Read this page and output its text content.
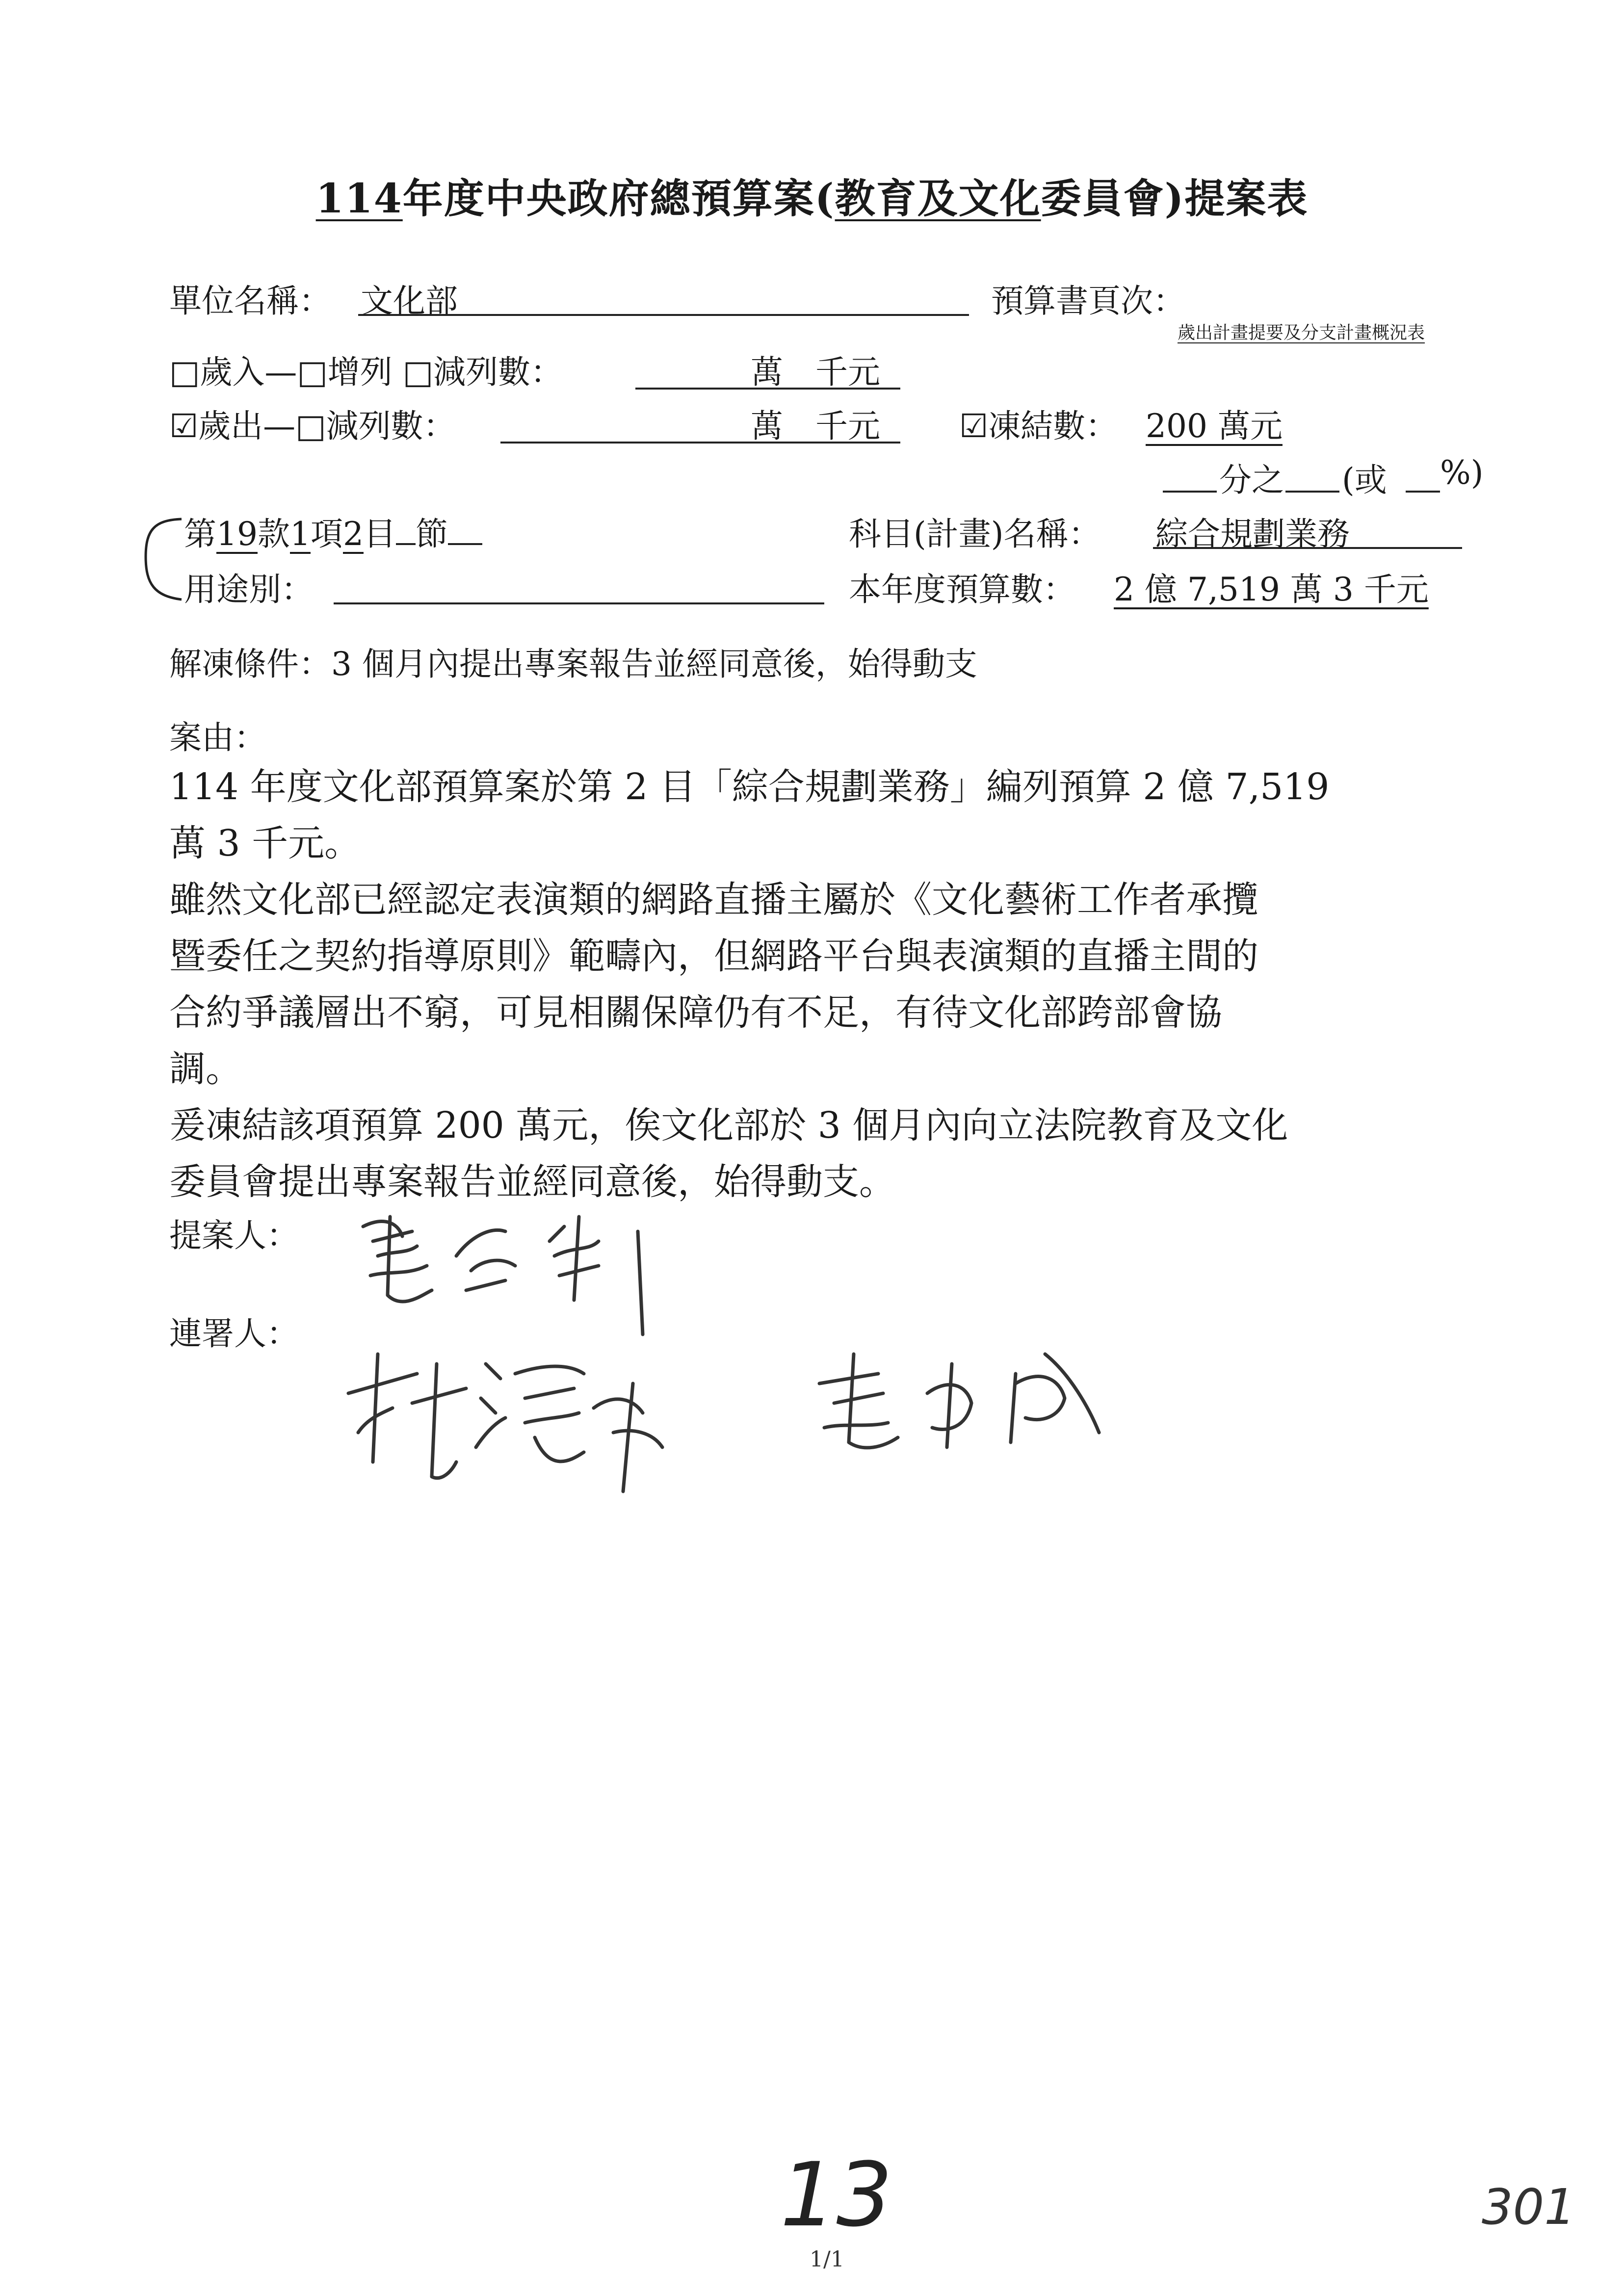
114年度中央政府總預算案(教育及文化委員會)提案表
單位名稱： 文化部	預算書頁次：
歲出計畫提要及分支計畫概況表
□歲入—□增列 □減列數：	萬　千元
☑歲出—□減列數：	萬　千元 ☑凍結數： 200 萬元
分之 (或 %)
第19款1項2目 節	科目(計畫)名稱： 綜合規劃業務
用途別：	本年度預算數： 2 億 7,519 萬 3 千元
解凍條件：3 個月內提出專案報告並經同意後，始得動支
案由：
114 年度文化部預算案於第 2 目「綜合規劃業務」編列預算 2 億 7,519
萬 3 千元。
雖然文化部已經認定表演類的網路直播主屬於《文化藝術工作者承攬
暨委任之契約指導原則》範疇內，但網路平台與表演類的直播主間的
合約爭議層出不窮，可見相關保障仍有不足，有待文化部跨部會協
調。
爰凍結該項預算 200 萬元，俟文化部於 3 個月內向立法院教育及文化
委員會提出專案報告並經同意後，始得動支。
提案人：
連署人：
13
1/1
301
